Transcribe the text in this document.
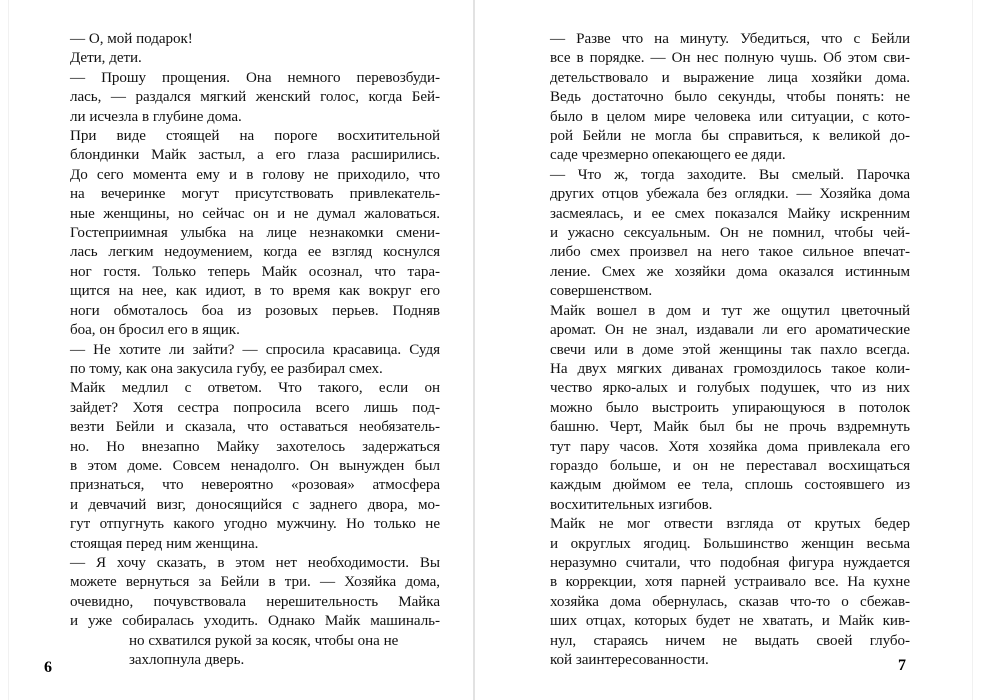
— О, мой подарок!

Дети, дети.

— Прошу прощения. Она немного перевозбуди-
лась, — раздался мягкий женский голос, когда Бей-
ли исчезла в глубине дома.

При виде стоящей на пороге восхитительной
блондинки Майк застыл, а его глаза расширились.
До сего момента ему и в голову не приходило, что
на вечеринке могут присутствовать привлекатель-
ные женщины, но сейчас он и не думал жаловаться.
Гостеприимная улыбка на лице незнакомки смени-
лась легким недоумением, когда ее взгляд коснулся
ног гостя. Только теперь Майк осознал, что тара-
щится на нее, как идиот, в то время как вокруг его
ноги обмоталось боа из розовых перьев. Подняв
боа, он бросил его в ящик.

— Не хотите ли зайти? — спросила красавица. Судя
по тому, как она закусила губу, ее разбирал смех.

Майк медлил с ответом. Что такого, если он
зайдет? Хотя сестра попросила всего лишь под-
везти Бейли и сказала, что оставаться необязатель-
но. Но внезапно Майку захотелось задержаться
в этом доме. Совсем ненадолго. Он вынужден был
признаться, что невероятно «розовая» атмосфера
и девчачий визг, доносящийся с заднего двора, мо-
гут отпугнуть какого угодно мужчину. Но только не
стоящая перед ним женщина.

— Я хочу сказать, в этом нет необходимости. Вы
можете вернуться за Бейли в три. — Хозяйка дома,
очевидно, почувствовала нерешительность Майка
и уже собиралась уходить. Однако Майк машиналь-
но схватился рукой за косяк, чтобы она не
захлопнула дверь.

6

— Разве что на минуту. Убедиться, что с Бейли
все в порядке. — Он нес полную чушь. Об этом сви-
детельствовало и выражение лица хозяйки дома.
Ведь достаточно было секунды, чтобы понять: не
было в целом мире человека или ситуации, с кото-
рой Бейли не могла бы справиться, к великой до-
саде чрезмерно опекающего ее дяди.

— Что ж, тогда заходите. Вы смелый. Парочка
других отцов убежала без оглядки. — Хозяйка дома
засмеялась, и ее смех показался Майку искренним
и ужасно сексуальным. Он не помнил, чтобы чей-
либо смех произвел на него такое сильное впечат-
ление. Смех же хозяйки дома оказался истинным
совершенством.

Майк вошел в дом и тут же ощутил цветочный
аромат. Он не знал, издавали ли его ароматические
свечи или в доме этой женщины так пахло всегда.
На двух мягких диванах громоздилось такое коли-
чество ярко-алых и голубых подушек, что из них
можно было выстроить упирающуюся в потолок
башню. Черт, Майк был бы не прочь вздремнуть
тут пару часов. Хотя хозяйка дома привлекала его
гораздо больше, и он не переставал восхищаться
каждым дюймом ее тела, сплошь состоявшего из
восхитительных изгибов.

Майк не мог отвести взгляда от крутых бедер
и округлых ягодиц. Большинство женщин весьма
неразумно считали, что подобная фигура нуждается
в коррекции, хотя парней устраивало все. На кухне
хозяйка дома обернулась, сказав что-то о сбежав-
ших отцах, которых будет не хватать, и Майк кив-
нул, стараясь ничем не выдать своей глубо-
кой заинтересованности.	7
